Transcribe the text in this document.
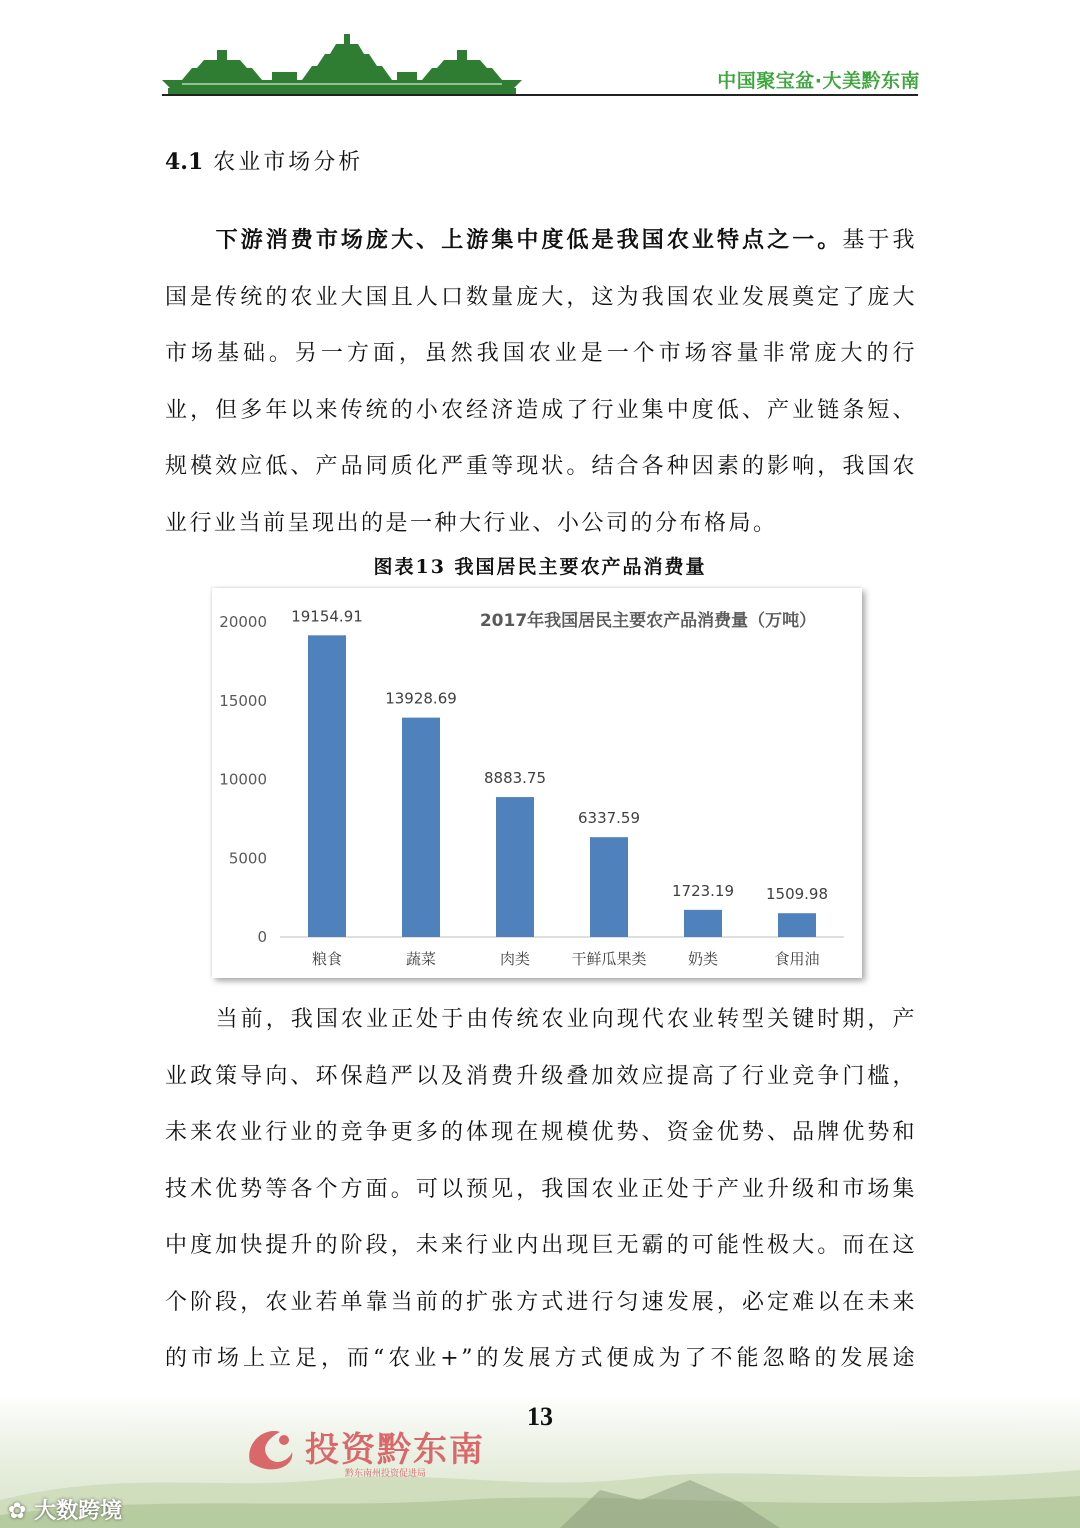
中国聚宝盆·大美黔东南
4.1 农业市场分析

下游消费市场庞大、上游集中度低是我国农业特点之一。基于我国是传统的农业大国且人口数量庞大，这为我国农业发展奠定了庞大市场基础。另一方面，虽然我国农业是一个市场容量非常庞大的行业，但多年以来传统的小农经济造成了行业集中度低、产业链条短、规模效应低、产品同质化严重等现状。结合各种因素的影响，我国农业行业当前呈现出的是一种大行业、小公司的分布格局。

图表13 我国居民主要农产品消费量
2017年我国居民主要农产品消费量（万吨）
0
5000
10000
15000
20000 19154.91
粮食
13928.69
蔬菜
8883.75
肉类
6337.59
干鲜瓜果类
1723.19
奶类
1509.98
食用油

当前，我国农业正处于由传统农业向现代农业转型关键时期，产业政策导向、环保趋严以及消费升级叠加效应提高了行业竞争门槛，未来农业行业的竞争更多的体现在规模优势、资金优势、品牌优势和技术优势等各个方面。可以预见，我国农业正处于产业升级和市场集中度加快提升的阶段，未来行业内出现巨无霸的可能性极大。而在这个阶段，农业若单靠当前的扩张方式进行匀速发展，必定难以在未来的市场上立足，而“农业+”的发展方式便成为了不能忽略的发展途

13
投资黔东南
黔东南州投资促进局
✿ 大数跨境
